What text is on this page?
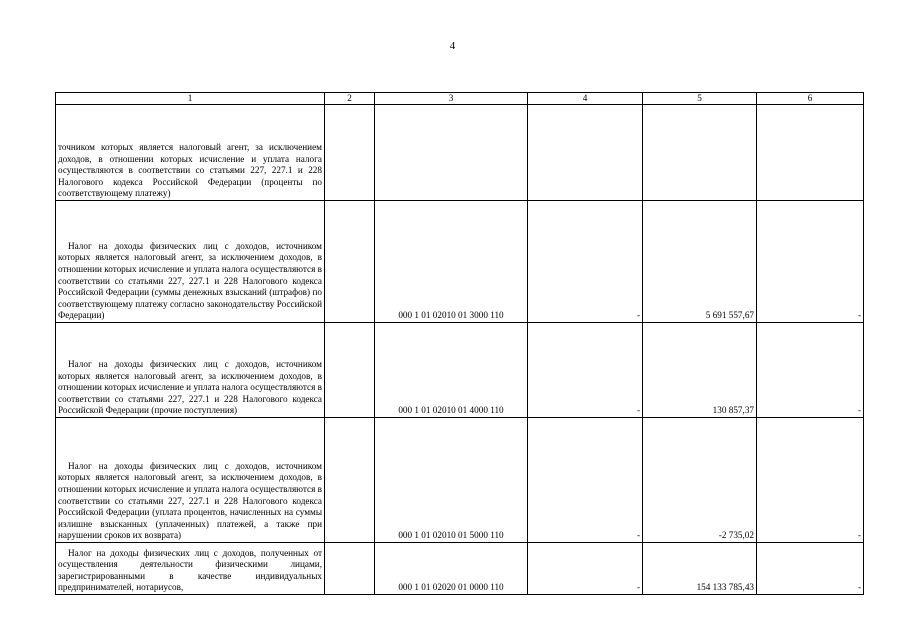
4
1	2	3	4	5	6
точником которых является налоговый агент, за исключением доходов, в отношении которых исчисление и уплата налога осуществляются в соответствии со статьями 227, 227.1 и 228 Налогового кодекса Российской Федерации (проценты по соответствующему платежу)					

Налог на доходы физических лиц с доходов, источником которых является налоговый агент, за исключением доходов, в отношении которых исчисление и уплата налога осуществляются в соответствии со статьями 227, 227.1 и 228 Налогового кодекса Российской Федерации (суммы денежных взысканий (штрафов) по соответствующему платежу согласно законодательству Российской Федерации)		000 1 01 02010 01 3000 110	-	5 691 557,67	-

Налог на доходы физических лиц с доходов, источником которых является налоговый агент, за исключением доходов, в отношении которых исчисление и уплата налога осуществляются в соответствии со статьями 227, 227.1 и 228 Налогового кодекса Российской Федерации (прочие поступления)		000 1 01 02010 01 4000 110	-	130 857,37	-

Налог на доходы физических лиц с доходов, источником которых является налоговый агент, за исключением доходов, в отношении которых исчисление и уплата налога осуществляются в соответствии со статьями 227, 227.1 и 228 Налогового кодекса Российской Федерации (уплата процентов, начисленных на суммы излишне взысканных (уплаченных) платежей, а также при нарушении сроков их возврата)		000 1 01 02010 01 5000 110	-	-2 735,02	-

Налог на доходы физических лиц с доходов, полученных от осуществления деятельности физическими лицами, зарегистрированными в качестве индивидуальных предпринимателей, нотариусов,		000 1 01 02020 01 0000 110	-	154 133 785,43	-
